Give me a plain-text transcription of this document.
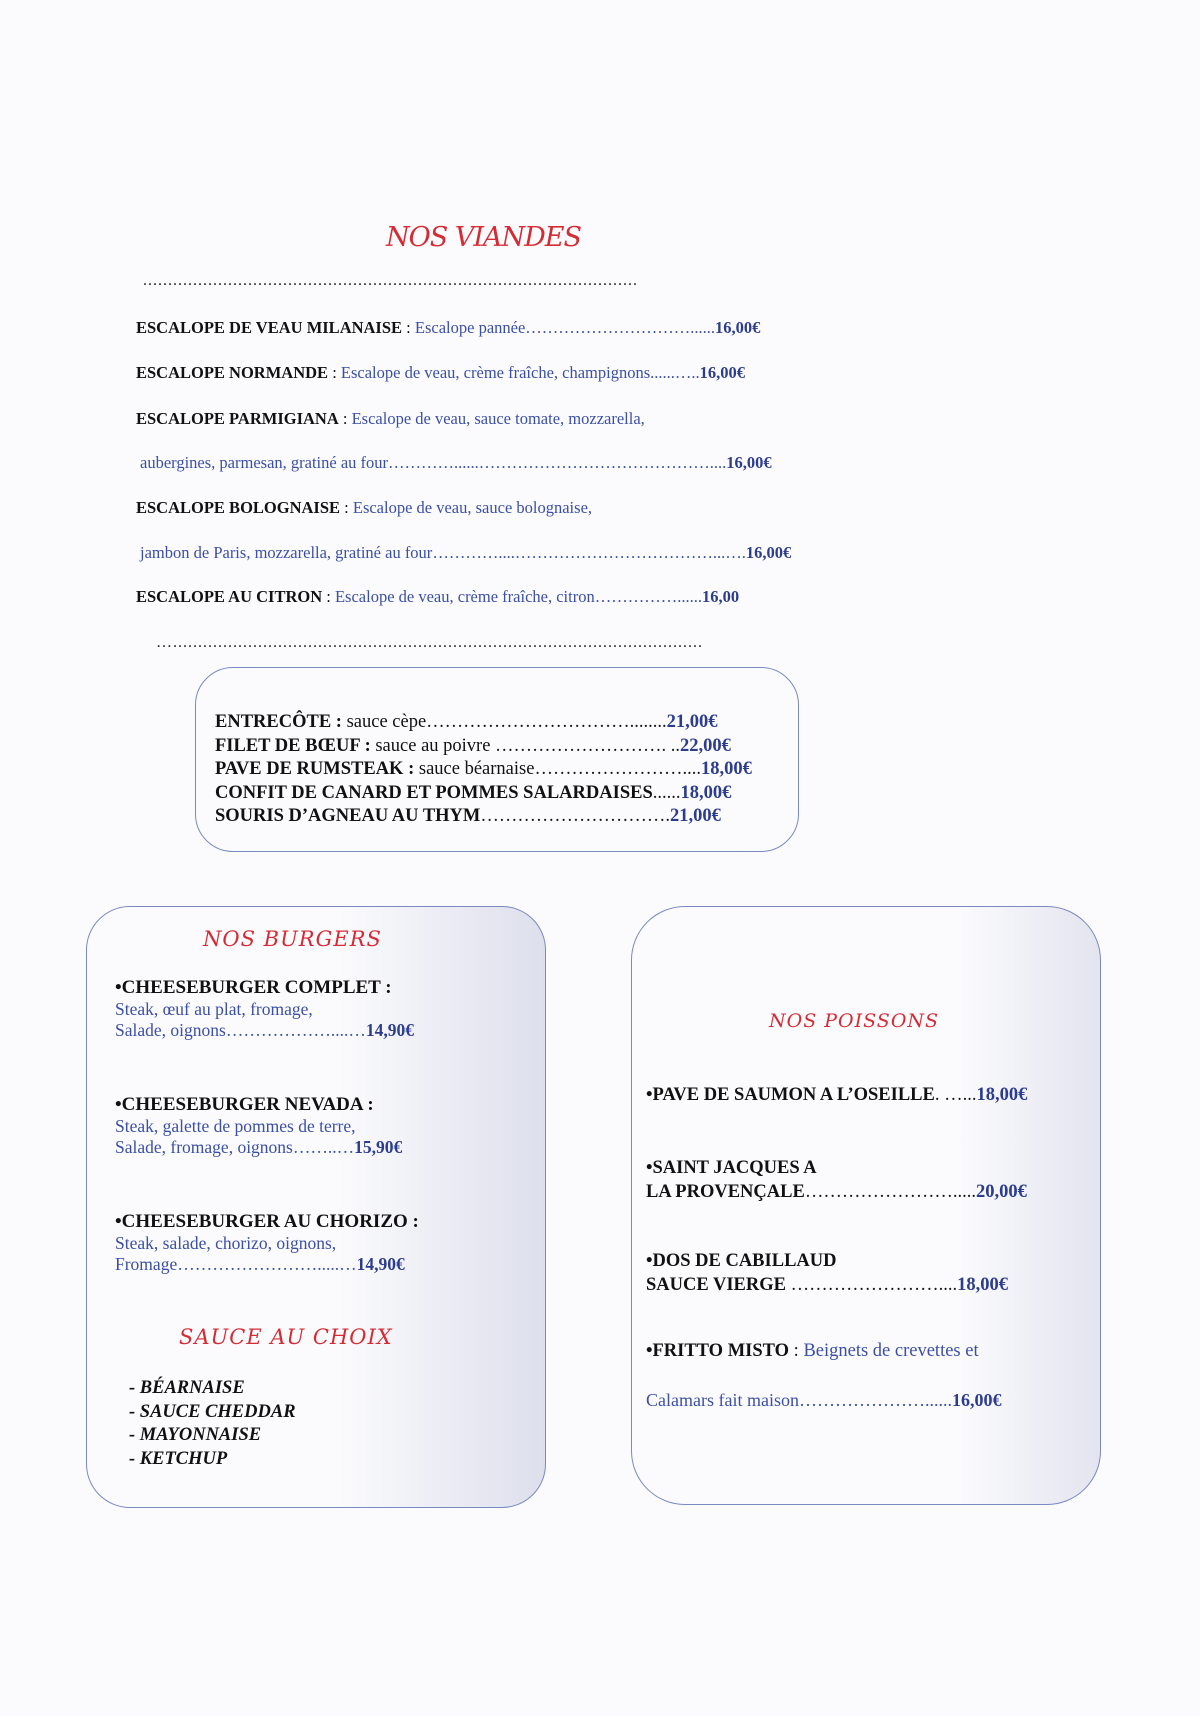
NOS VIANDES
...................................................................................................
ESCALOPE DE VEAU MILANAISE : Escalope pannée…………………………......16,00€
ESCALOPE NORMANDE : Escalope de veau, crème fraîche, champignons......…..16,00€
ESCALOPE PARMIGIANA : Escalope de veau, sauce tomate, mozzarella,
aubergines, parmesan, gratiné au four…………......……………………………………....16,00€
ESCALOPE BOLOGNAISE : Escalope de veau, sauce bolognaise,
jambon de Paris, mozzarella, gratiné au four…………....………………………………...….16,00€
ESCALOPE AU CITRON : Escalope de veau, crème fraîche, citron……………......16,00
…..........................................................................................................
ENTRECÔTE : sauce cèpe……………………………........21,00€
FILET DE BŒUF : sauce au poivre ………………………. ..22,00€
PAVE DE RUMSTEAK : sauce béarnaise……………………....18,00€
CONFIT DE CANARD ET POMMES SALARDAISES......18,00€
SOURIS D’AGNEAU AU THYM………………………….21,00€
NOS BURGERS
•CHEESEBURGER COMPLET :
Steak, œuf au plat, fromage,
Salade, oignons………………....…14,90€
•CHEESEBURGER NEVADA :
Steak, galette de pommes de terre,
Salade, fromage, oignons……..…15,90€
•CHEESEBURGER AU CHORIZO :
Steak, salade, chorizo, oignons,
Fromage…………………….....…14,90€
SAUCE AU CHOIX
- BÉARNAISE
- SAUCE CHEDDAR
- MAYONNAISE
- KETCHUP
NOS POISSONS
•PAVE DE SAUMON A L’OSEILLE. …...18,00€
•SAINT JACQUES A
LA PROVENÇALE…………………….....20,00€
•DOS DE CABILLAUD
SAUCE VIERGE ……………………....18,00€
•FRITTO MISTO : Beignets de crevettes et
Calamars fait maison…………………......16,00€
